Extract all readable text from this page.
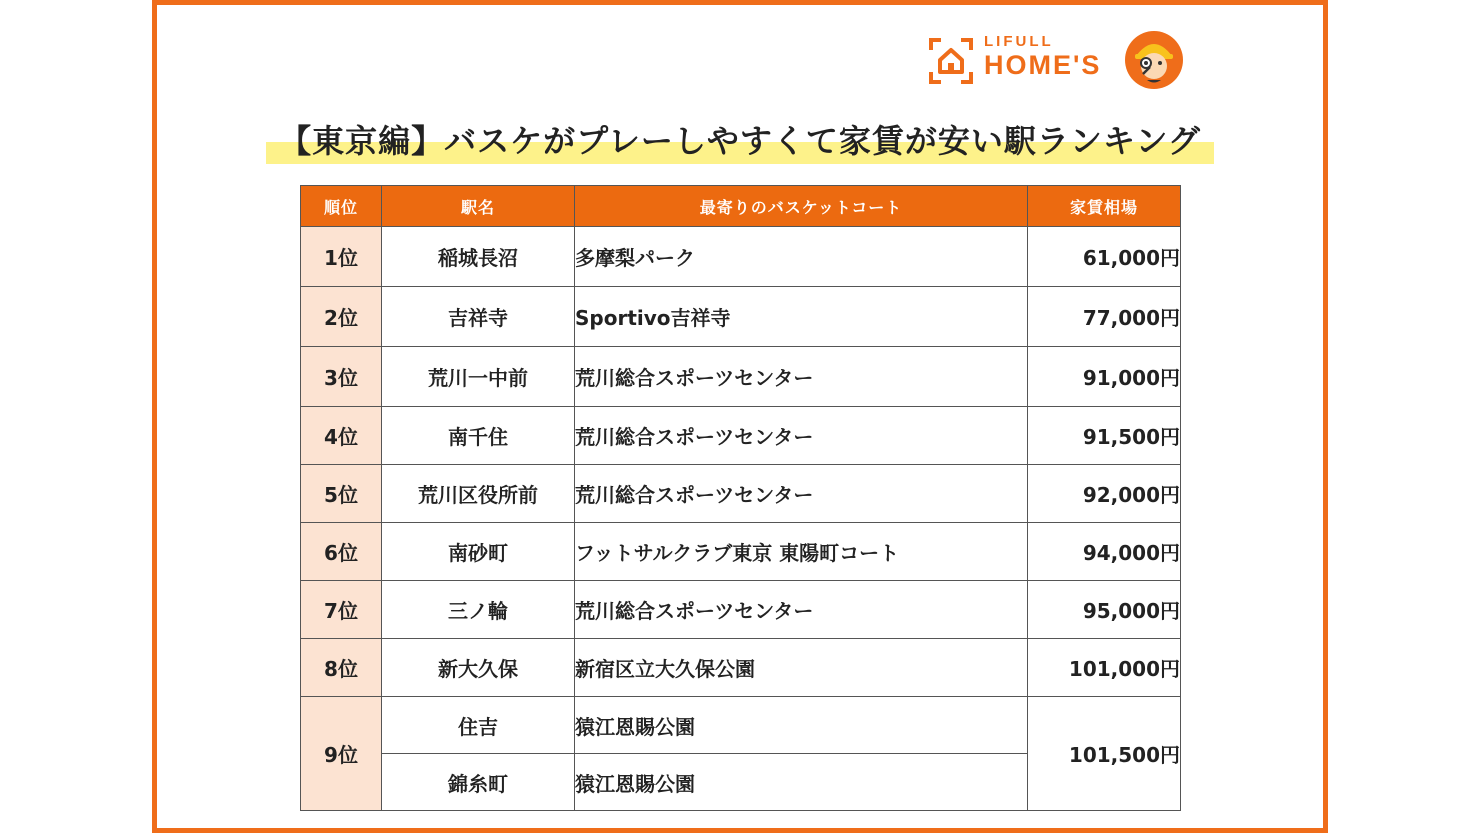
LIFULL
HOME'S
【東京編】バスケがプレーしやすくて家賃が安い駅ランキング
順位	駅名	最寄りのバスケットコート	家賃相場
1位	稲城長沼	多摩梨パーク	61,000円
2位	吉祥寺	Sportivo吉祥寺	77,000円
3位	荒川一中前	荒川総合スポーツセンター	91,000円
4位	南千住	荒川総合スポーツセンター	91,500円
5位	荒川区役所前	荒川総合スポーツセンター	92,000円
6位	南砂町	フットサルクラブ東京 東陽町コート	94,000円
7位	三ノ輪	荒川総合スポーツセンター	95,000円
8位	新大久保	新宿区立大久保公園	101,000円
9位	住吉	猿江恩賜公園	101,500円
	錦糸町	猿江恩賜公園	
